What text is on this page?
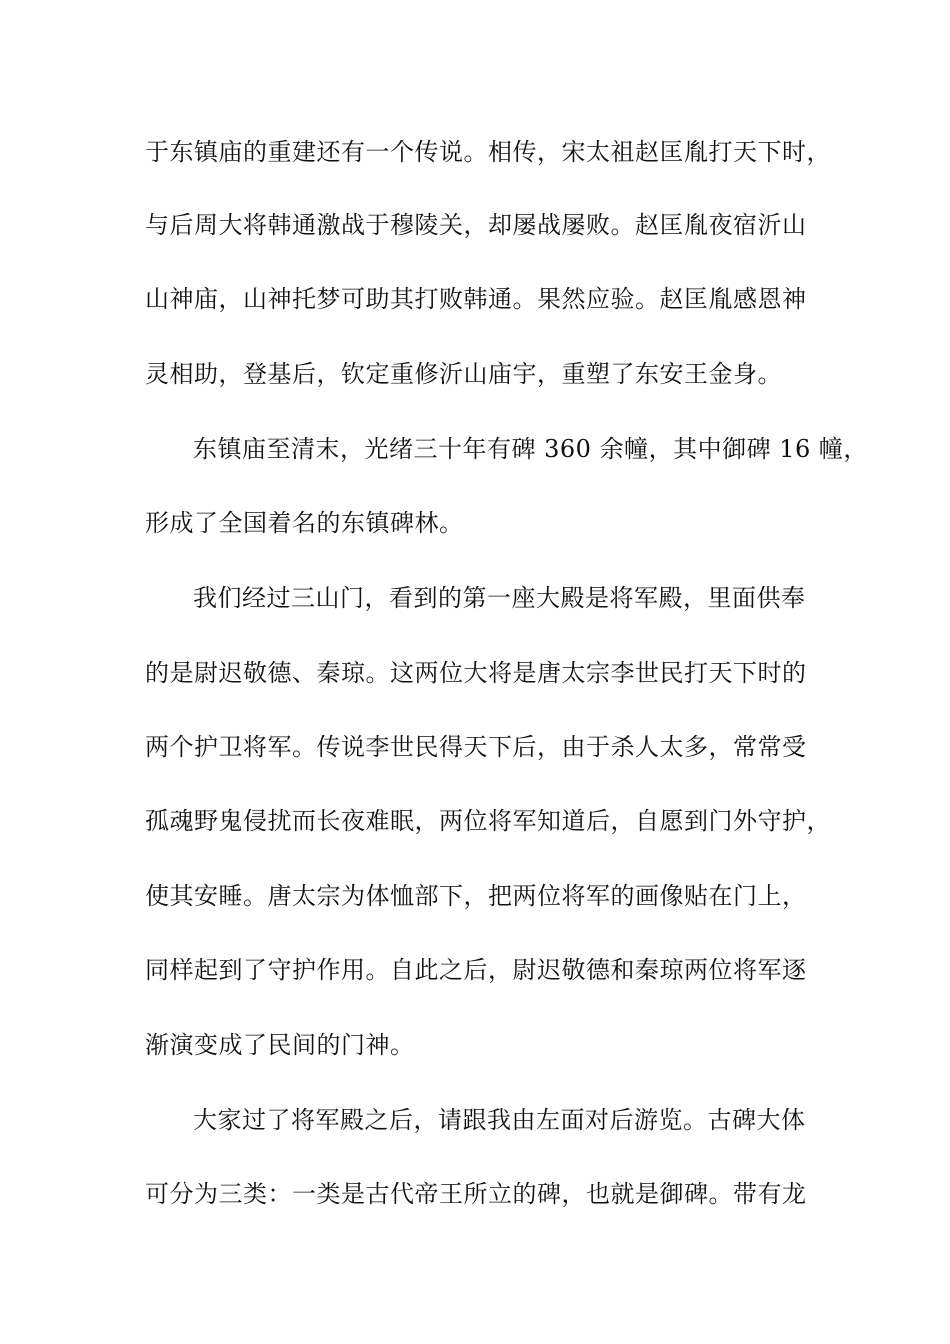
于东镇庙的重建还有一个传说。相传，宋太祖赵匡胤打天下时，
与后周大将韩通激战于穆陵关，却屡战屡败。赵匡胤夜宿沂山
山神庙，山神托梦可助其打败韩通。果然应验。赵匡胤感恩神
灵相助，登基后，钦定重修沂山庙宇，重塑了东安王金身。
东镇庙至清末，光绪三十年有碑 360 余幢，其中御碑 16 幢，
形成了全国着名的东镇碑林。
我们经过三山门，看到的第一座大殿是将军殿，里面供奉
的是尉迟敬德、秦琼。这两位大将是唐太宗李世民打天下时的
两个护卫将军。传说李世民得天下后，由于杀人太多，常常受
孤魂野鬼侵扰而长夜难眠，两位将军知道后，自愿到门外守护，
使其安睡。唐太宗为体恤部下，把两位将军的画像贴在门上，
同样起到了守护作用。自此之后，尉迟敬德和秦琼两位将军逐
渐演变成了民间的门神。
大家过了将军殿之后，请跟我由左面对后游览。古碑大体
可分为三类：一类是古代帝王所立的碑，也就是御碑。带有龙
